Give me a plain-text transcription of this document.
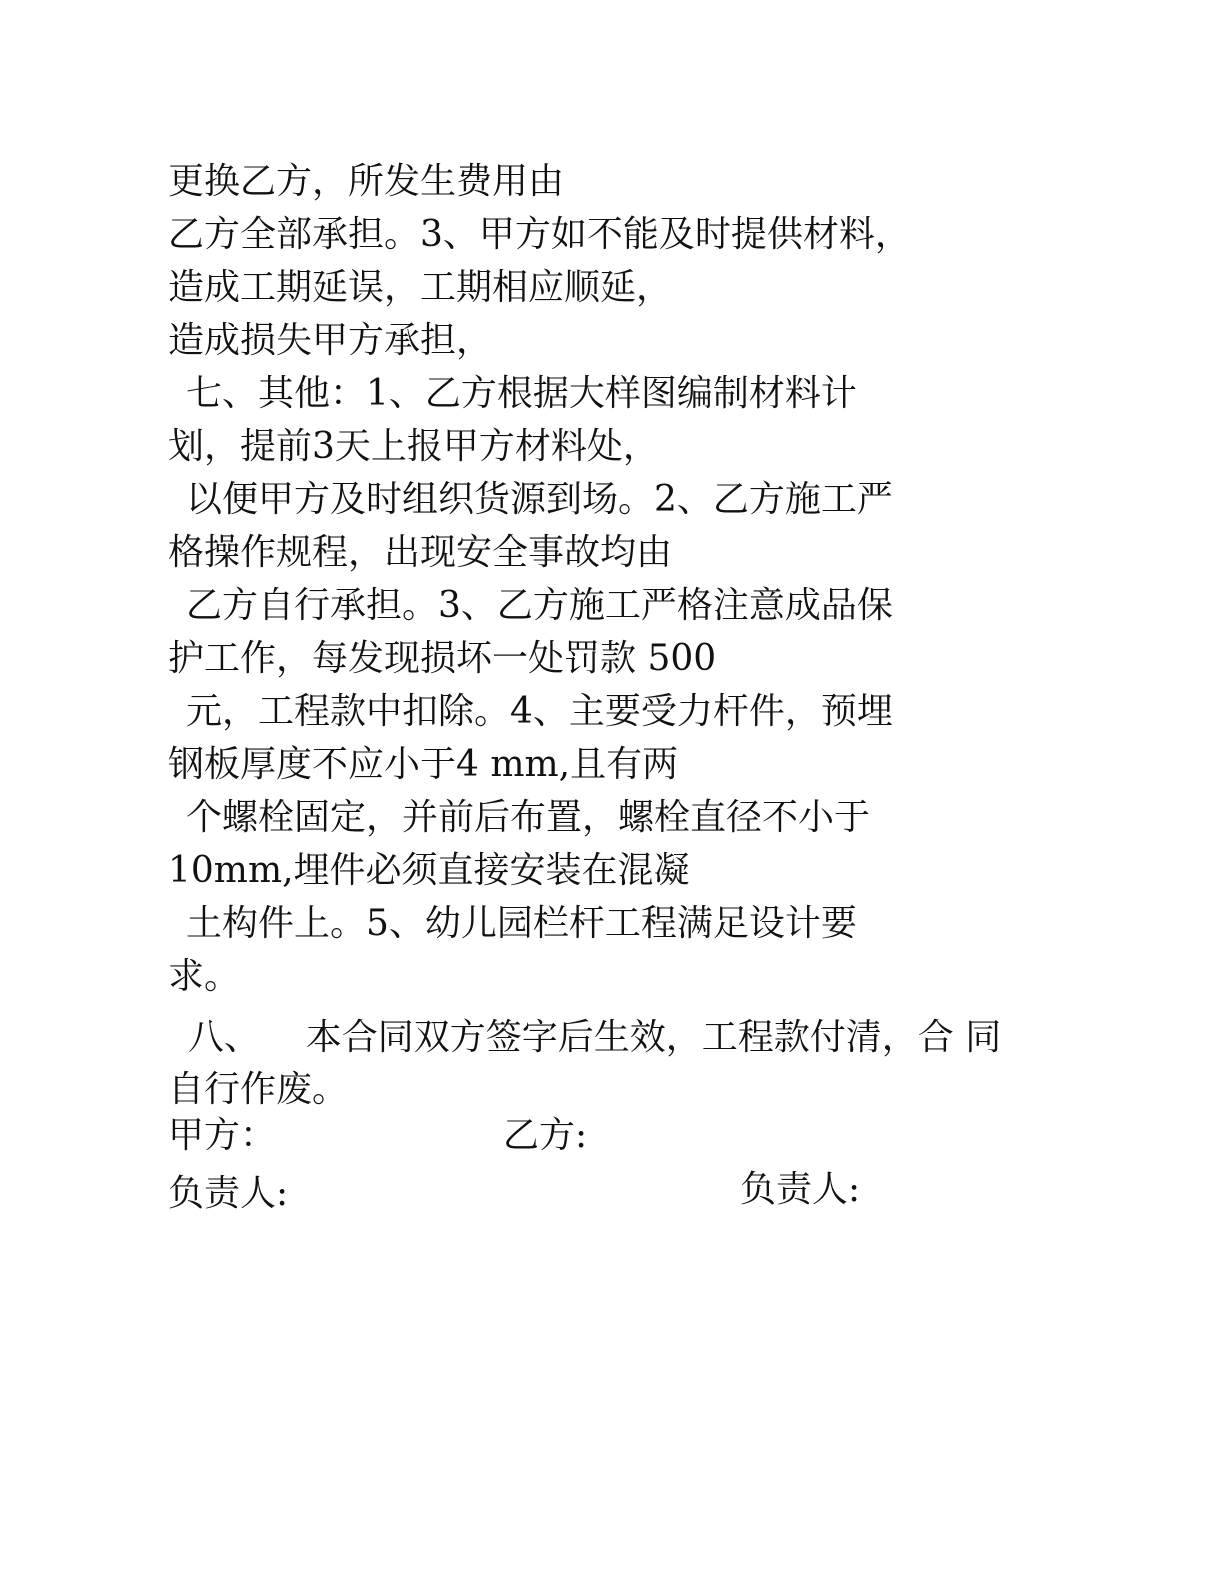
更换乙方，所发生费用由
乙方全部承担。3、甲方如不能及时提供材料，
造成工期延误，工期相应顺延，
造成损失甲方承担，
七、其他：1、乙方根据大样图编制材料计
划，提前3天上报甲方材料处，
以便甲方及时组织货源到场。2、乙方施工严
格操作规程，出现安全事故均由
乙方自行承担。3、乙方施工严格注意成品保
护工作，每发现损坏一处罚款 500
元，工程款中扣除。4、主要受力杆件，预埋
钢板厚度不应小于4 mm,且有两
个螺栓固定，并前后布置，螺栓直径不小于
10mm,埋件必须直接安装在混凝
土构件上。5、幼儿园栏杆工程满足设计要
求。
八、    本合同双方签字后生效，工程款付清，合 同
自行作废。
甲方：	乙方:
负责人:	负责人:
